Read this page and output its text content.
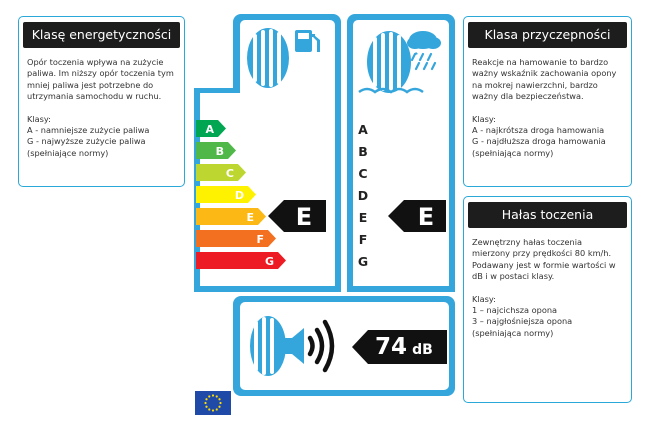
Klasę energetyczności

Opór toczenia wpływa na zużycie
paliwa. Im niższy opór toczenia tym
mniej paliwa jest potrzebne do
utrzymania samochodu w ruchu.

Klasy:

A - namniejsze zużycie paliwa

G - najwyższe zużycie paliwa

(spełniające normy)

Klasa przyczepności

Reakcje na hamowanie to bardzo
ważny wskaźnik zachowania opony
na mokrej nawierzchni, bardzo
ważny dla bezpieczeństwa.

Klasy:

A - najkrótsza droga hamowania

G - najdłuższa droga hamowania

(spełniająca normy)

Hałas toczenia

Zewnętrzny hałas toczenia
mierzony przy prędkości 80 km/h.
Podawany jest w formie wartości w
dB i w postaci klasy.

Klasy:

1 – najcichsza opona

3 – najgłośniejsza opona

(spełniająca normy)

A
B
C
D
E
F
G
E
A
B
C
D
E
F
G
E
74 dB
